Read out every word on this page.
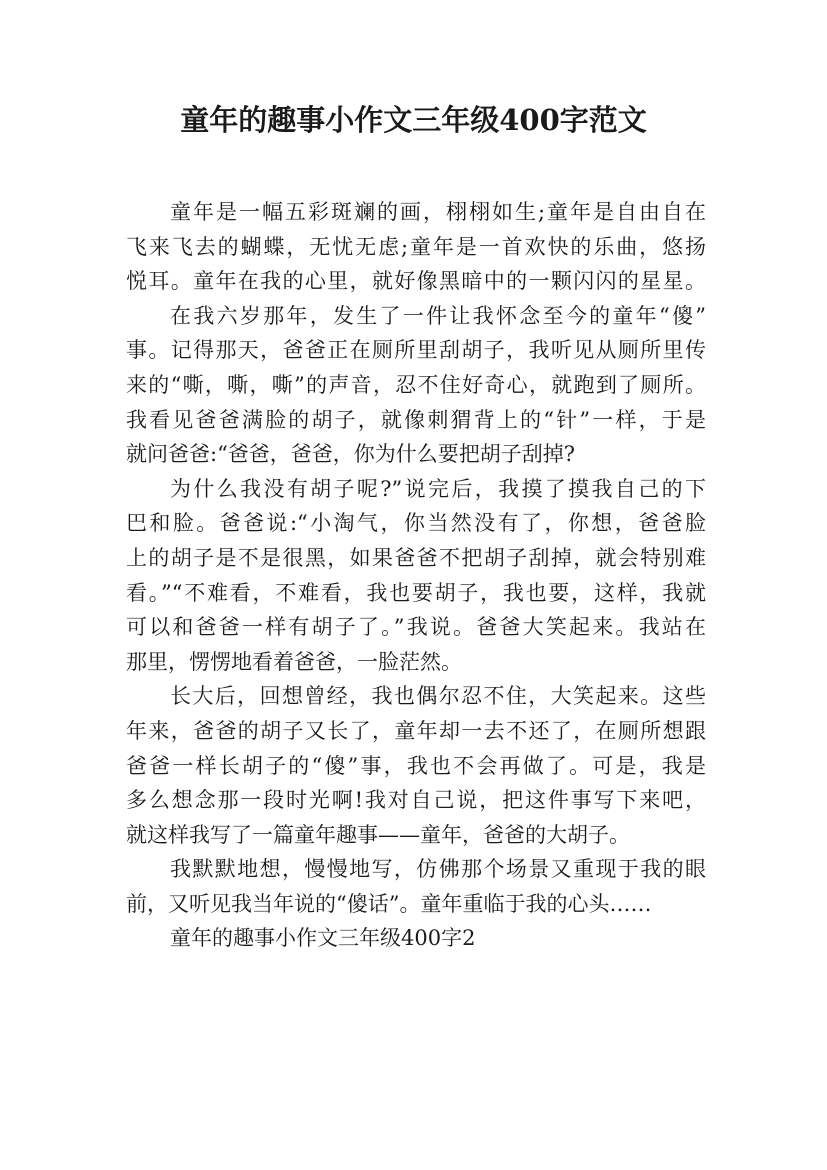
童年的趣事小作文三年级400字范文
童年是一幅五彩斑斓的画，栩栩如生;童年是自由自在
飞来飞去的蝴蝶，无忧无虑;童年是一首欢快的乐曲，悠扬
悦耳。童年在我的心里，就好像黑暗中的一颗闪闪的星星。
在我六岁那年，发生了一件让我怀念至今的童年“傻”
事。记得那天，爸爸正在厕所里刮胡子，我听见从厕所里传
来的“嘶，嘶，嘶”的声音，忍不住好奇心，就跑到了厕所。
我看见爸爸满脸的胡子，就像刺猬背上的“针”一样，于是
就问爸爸:“爸爸，爸爸，你为什么要把胡子刮掉?
为什么我没有胡子呢?”说完后，我摸了摸我自己的下
巴和脸。爸爸说:“小淘气，你当然没有了，你想，爸爸脸
上的胡子是不是很黑，如果爸爸不把胡子刮掉，就会特别难
看。”“不难看，不难看，我也要胡子，我也要，这样，我就
可以和爸爸一样有胡子了。”我说。爸爸大笑起来。我站在
那里，愣愣地看着爸爸，一脸茫然。
长大后，回想曾经，我也偶尔忍不住，大笑起来。这些
年来，爸爸的胡子又长了，童年却一去不还了，在厕所想跟
爸爸一样长胡子的“傻”事，我也不会再做了。可是，我是
多么想念那一段时光啊!我对自己说，把这件事写下来吧，
就这样我写了一篇童年趣事——童年，爸爸的大胡子。
我默默地想，慢慢地写，仿佛那个场景又重现于我的眼
前，又听见我当年说的“傻话”。童年重临于我的心头……
童年的趣事小作文三年级400字2
